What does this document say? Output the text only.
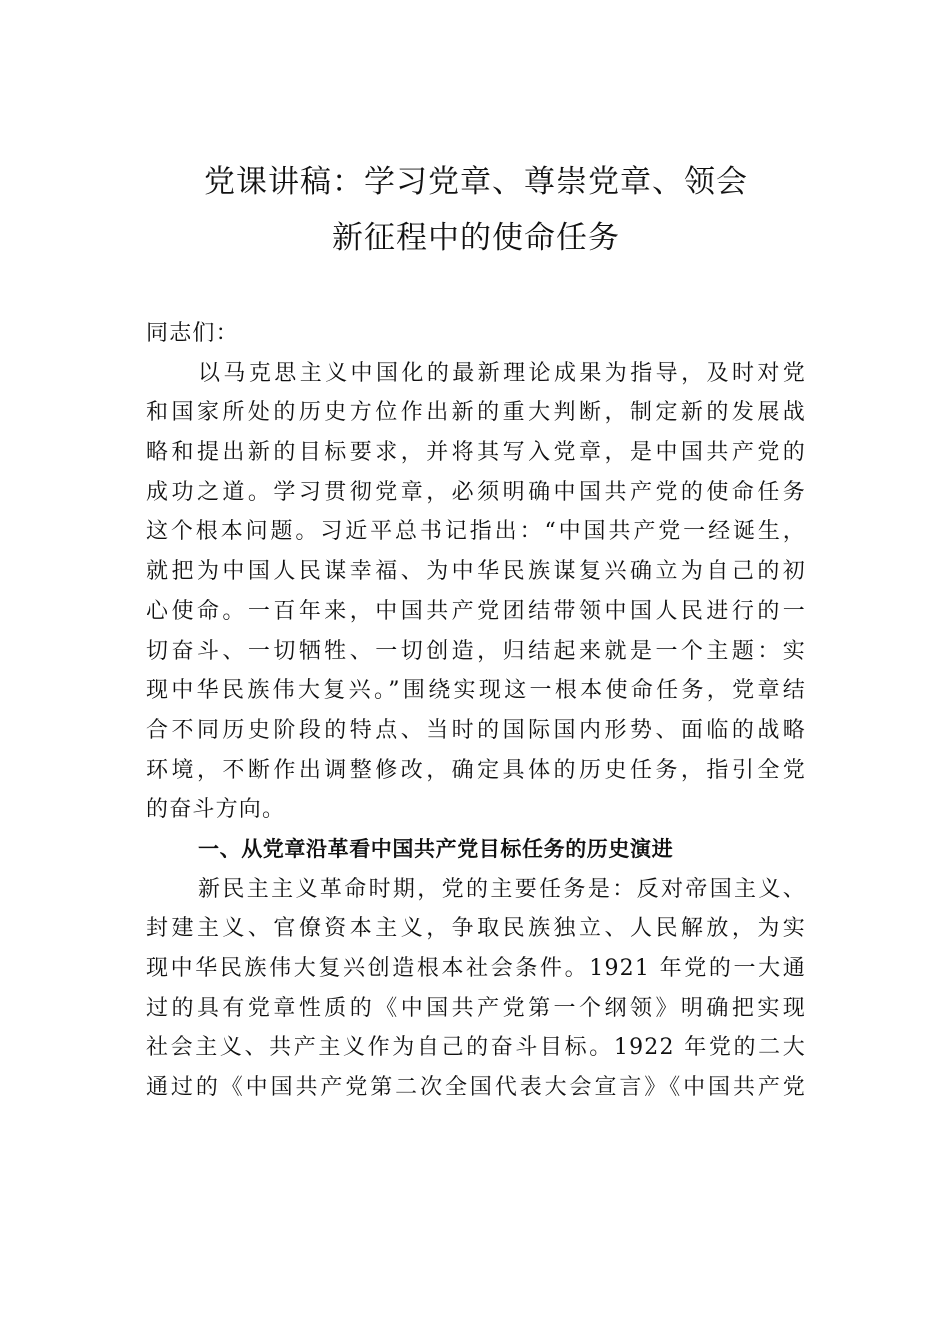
党课讲稿：学习党章、尊崇党章、领会
新征程中的使命任务
同志们：
以马克思主义中国化的最新理论成果为指导，及时对党
和国家所处的历史方位作出新的重大判断，制定新的发展战
略和提出新的目标要求，并将其写入党章，是中国共产党的
成功之道。学习贯彻党章，必须明确中国共产党的使命任务
这个根本问题。习近平总书记指出：“中国共产党一经诞生，
就把为中国人民谋幸福、为中华民族谋复兴确立为自己的初
心使命。一百年来，中国共产党团结带领中国人民进行的一
切奋斗、一切牺牲、一切创造，归结起来就是一个主题：实
现中华民族伟大复兴。”围绕实现这一根本使命任务，党章结
合不同历史阶段的特点、当时的国际国内形势、面临的战略
环境，不断作出调整修改，确定具体的历史任务，指引全党
的奋斗方向。
一、从党章沿革看中国共产党目标任务的历史演进
新民主主义革命时期，党的主要任务是：反对帝国主义、
封建主义、官僚资本主义，争取民族独立、人民解放，为实
现中华民族伟大复兴创造根本社会条件。1921 年党的一大通
过的具有党章性质的《中国共产党第一个纲领》明确把实现
社会主义、共产主义作为自己的奋斗目标。1922 年党的二大
通过的《中国共产党第二次全国代表大会宣言》《中国共产党
